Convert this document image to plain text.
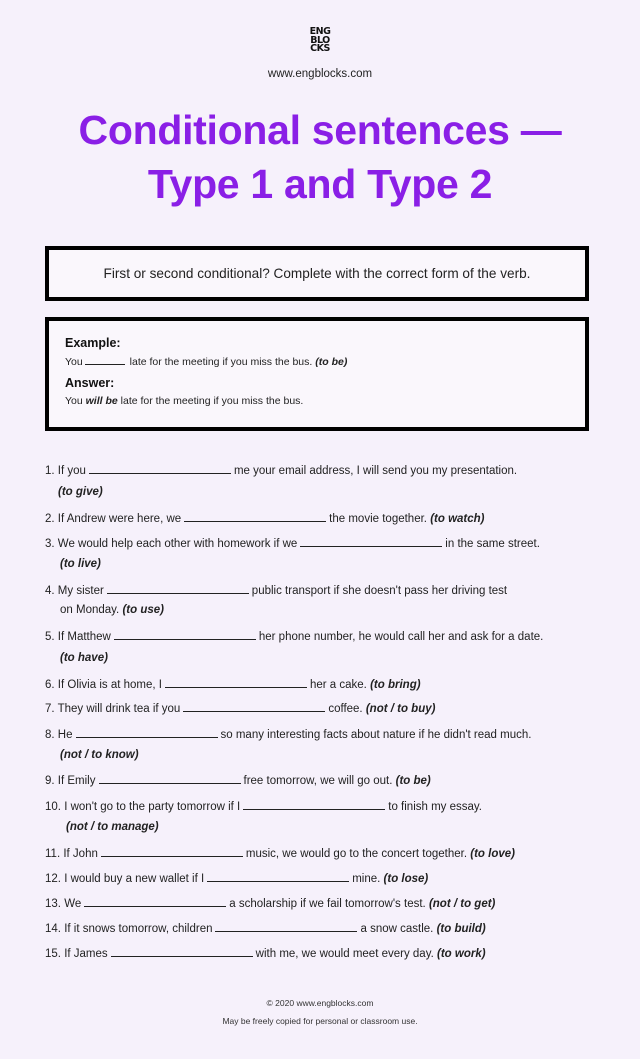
ENG
BLO
CKS
www.engblocks.com
Conditional sentences —
Type 1 and Type 2
First or second conditional? Complete with the correct form of the verb.
Example:
You	late for the meeting if you miss the bus. (to be)
Answer:
You will be late for the meeting if you miss the bus.
1. If you	me your email address, I will send you my presentation.
(to give)
2. If Andrew were here, we	the movie together. (to watch)
3. We would help each other with homework if we	in the same street.
(to live)
4. My sister	public transport if she doesn't pass her driving test
on Monday. (to use)
5. If Matthew	her phone number, he would call her and ask for a date.
(to have)
6. If Olivia is at home, I	her a cake. (to bring)
7. They will drink tea if you	coffee. (not / to buy)
8. He	so many interesting facts about nature if he didn't read much.
(not / to know)
9. If Emily	free tomorrow, we will go out. (to be)
10. I won't go to the party tomorrow if I	to finish my essay.
(not / to manage)
11. If John	music, we would go to the concert together. (to love)
12. I would buy a new wallet if I	mine. (to lose)
13. We	a scholarship if we fail tomorrow's test. (not / to get)
14. If it snows tomorrow, children	a snow castle. (to build)
15. If James	with me, we would meet every day. (to work)
© 2020 www.engblocks.com
May be freely copied for personal or classroom use.
